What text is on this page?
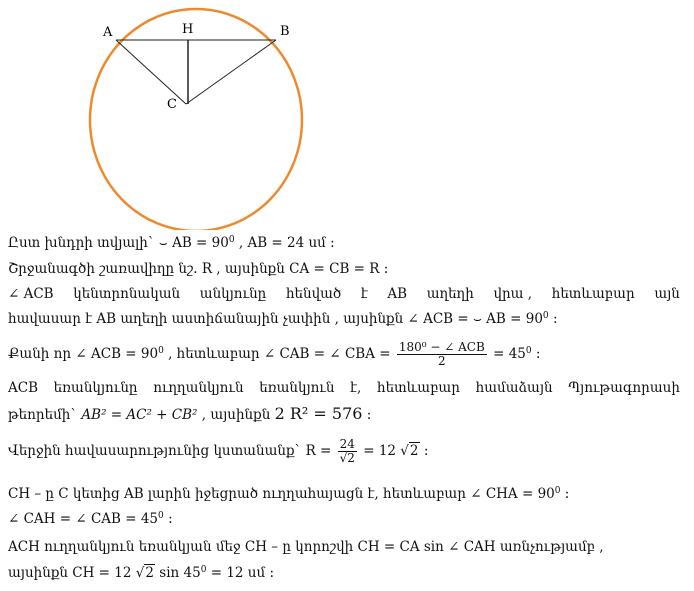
A	H	B
C
Ըստ խնդրի տվյալի` ⌣ AB = $90^0$ , AB = 24 սմ :
Շրջանագծի շառավիղը նշ. R , այսինքն CA = CB = R :
∠ ACB կենտրոնական անկյունը հենված է AB աղեղի վրա , հետևաբար այն
հավասար է AB աղեղի աստիճանային չափին , այսինքն ∠ ACB = ⌣ AB = $90^0$ :
Քանի որ ∠ ACB = $90^0$ , հետևաբար ∠ CAB = ∠ CBA = $\frac{\text{180⁰ − ∠ ACB}}{2} = 45^0$ :
ACB եռանկյունը ուղղանկյուն եռանկյուն է, հետևաբար համաձայն Պյութագորասի
թեորեմի` AB² = AC² + CB² , այսինքն 2 R² = 576 :
Վերջին հավասարությունից կստանանք` $R = \frac{24}{√2} = 12$ √2 :
CH – ը C կետից AB լարին իջեցրած ուղղահայացն է, հետևաբար ∠ CHA = $90^0$ :
∠ CAH = ∠ CAB = $45^0$ :
ACH ուղղանկյուն եռանկյան մեջ CH – ը կորոշվի CH = CA sin ∠ CAH առնչությամբ ,
այսինքն CH = 12 √2 $\sin 45^0 = 12$ սմ :
